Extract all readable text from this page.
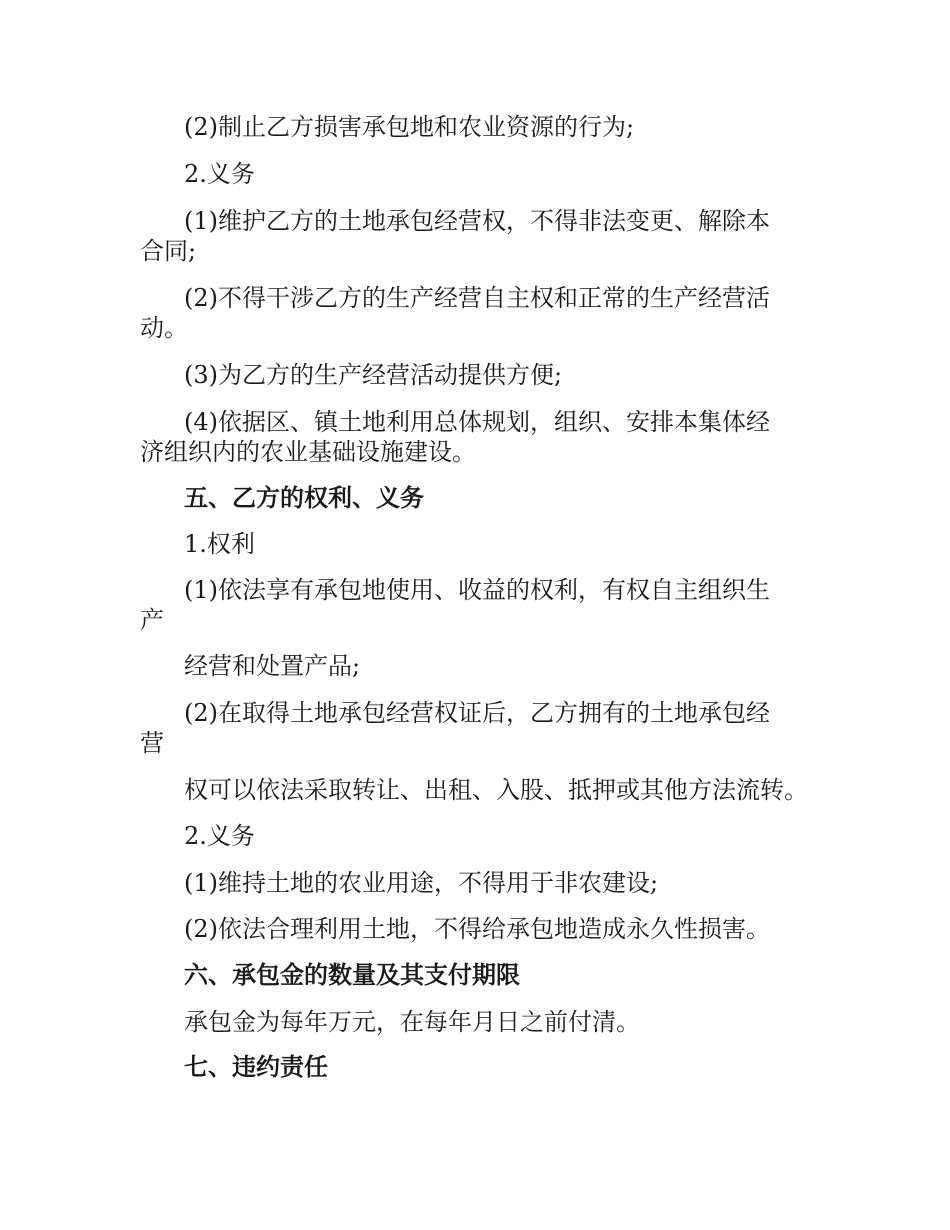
(2)制止乙方损害承包地和农业资源的行为;
2.义务
(1)维护乙方的土地承包经营权，不得非法变更、解除本
合同;
(2)不得干涉乙方的生产经营自主权和正常的生产经营活
动。
(3)为乙方的生产经营活动提供方便;
(4)依据区、镇土地利用总体规划，组织、安排本集体经
济组织内的农业基础设施建设。
五、乙方的权利、义务
1.权利
(1)依法享有承包地使用、收益的权利，有权自主组织生
产
经营和处置产品;
(2)在取得土地承包经营权证后，乙方拥有的土地承包经
营
权可以依法采取转让、出租、入股、抵押或其他方法流转。
2.义务
(1)维持土地的农业用途，不得用于非农建设;
(2)依法合理利用土地，不得给承包地造成永久性损害。
六、承包金的数量及其支付期限
承包金为每年万元，在每年月日之前付清。
七、违约责任
